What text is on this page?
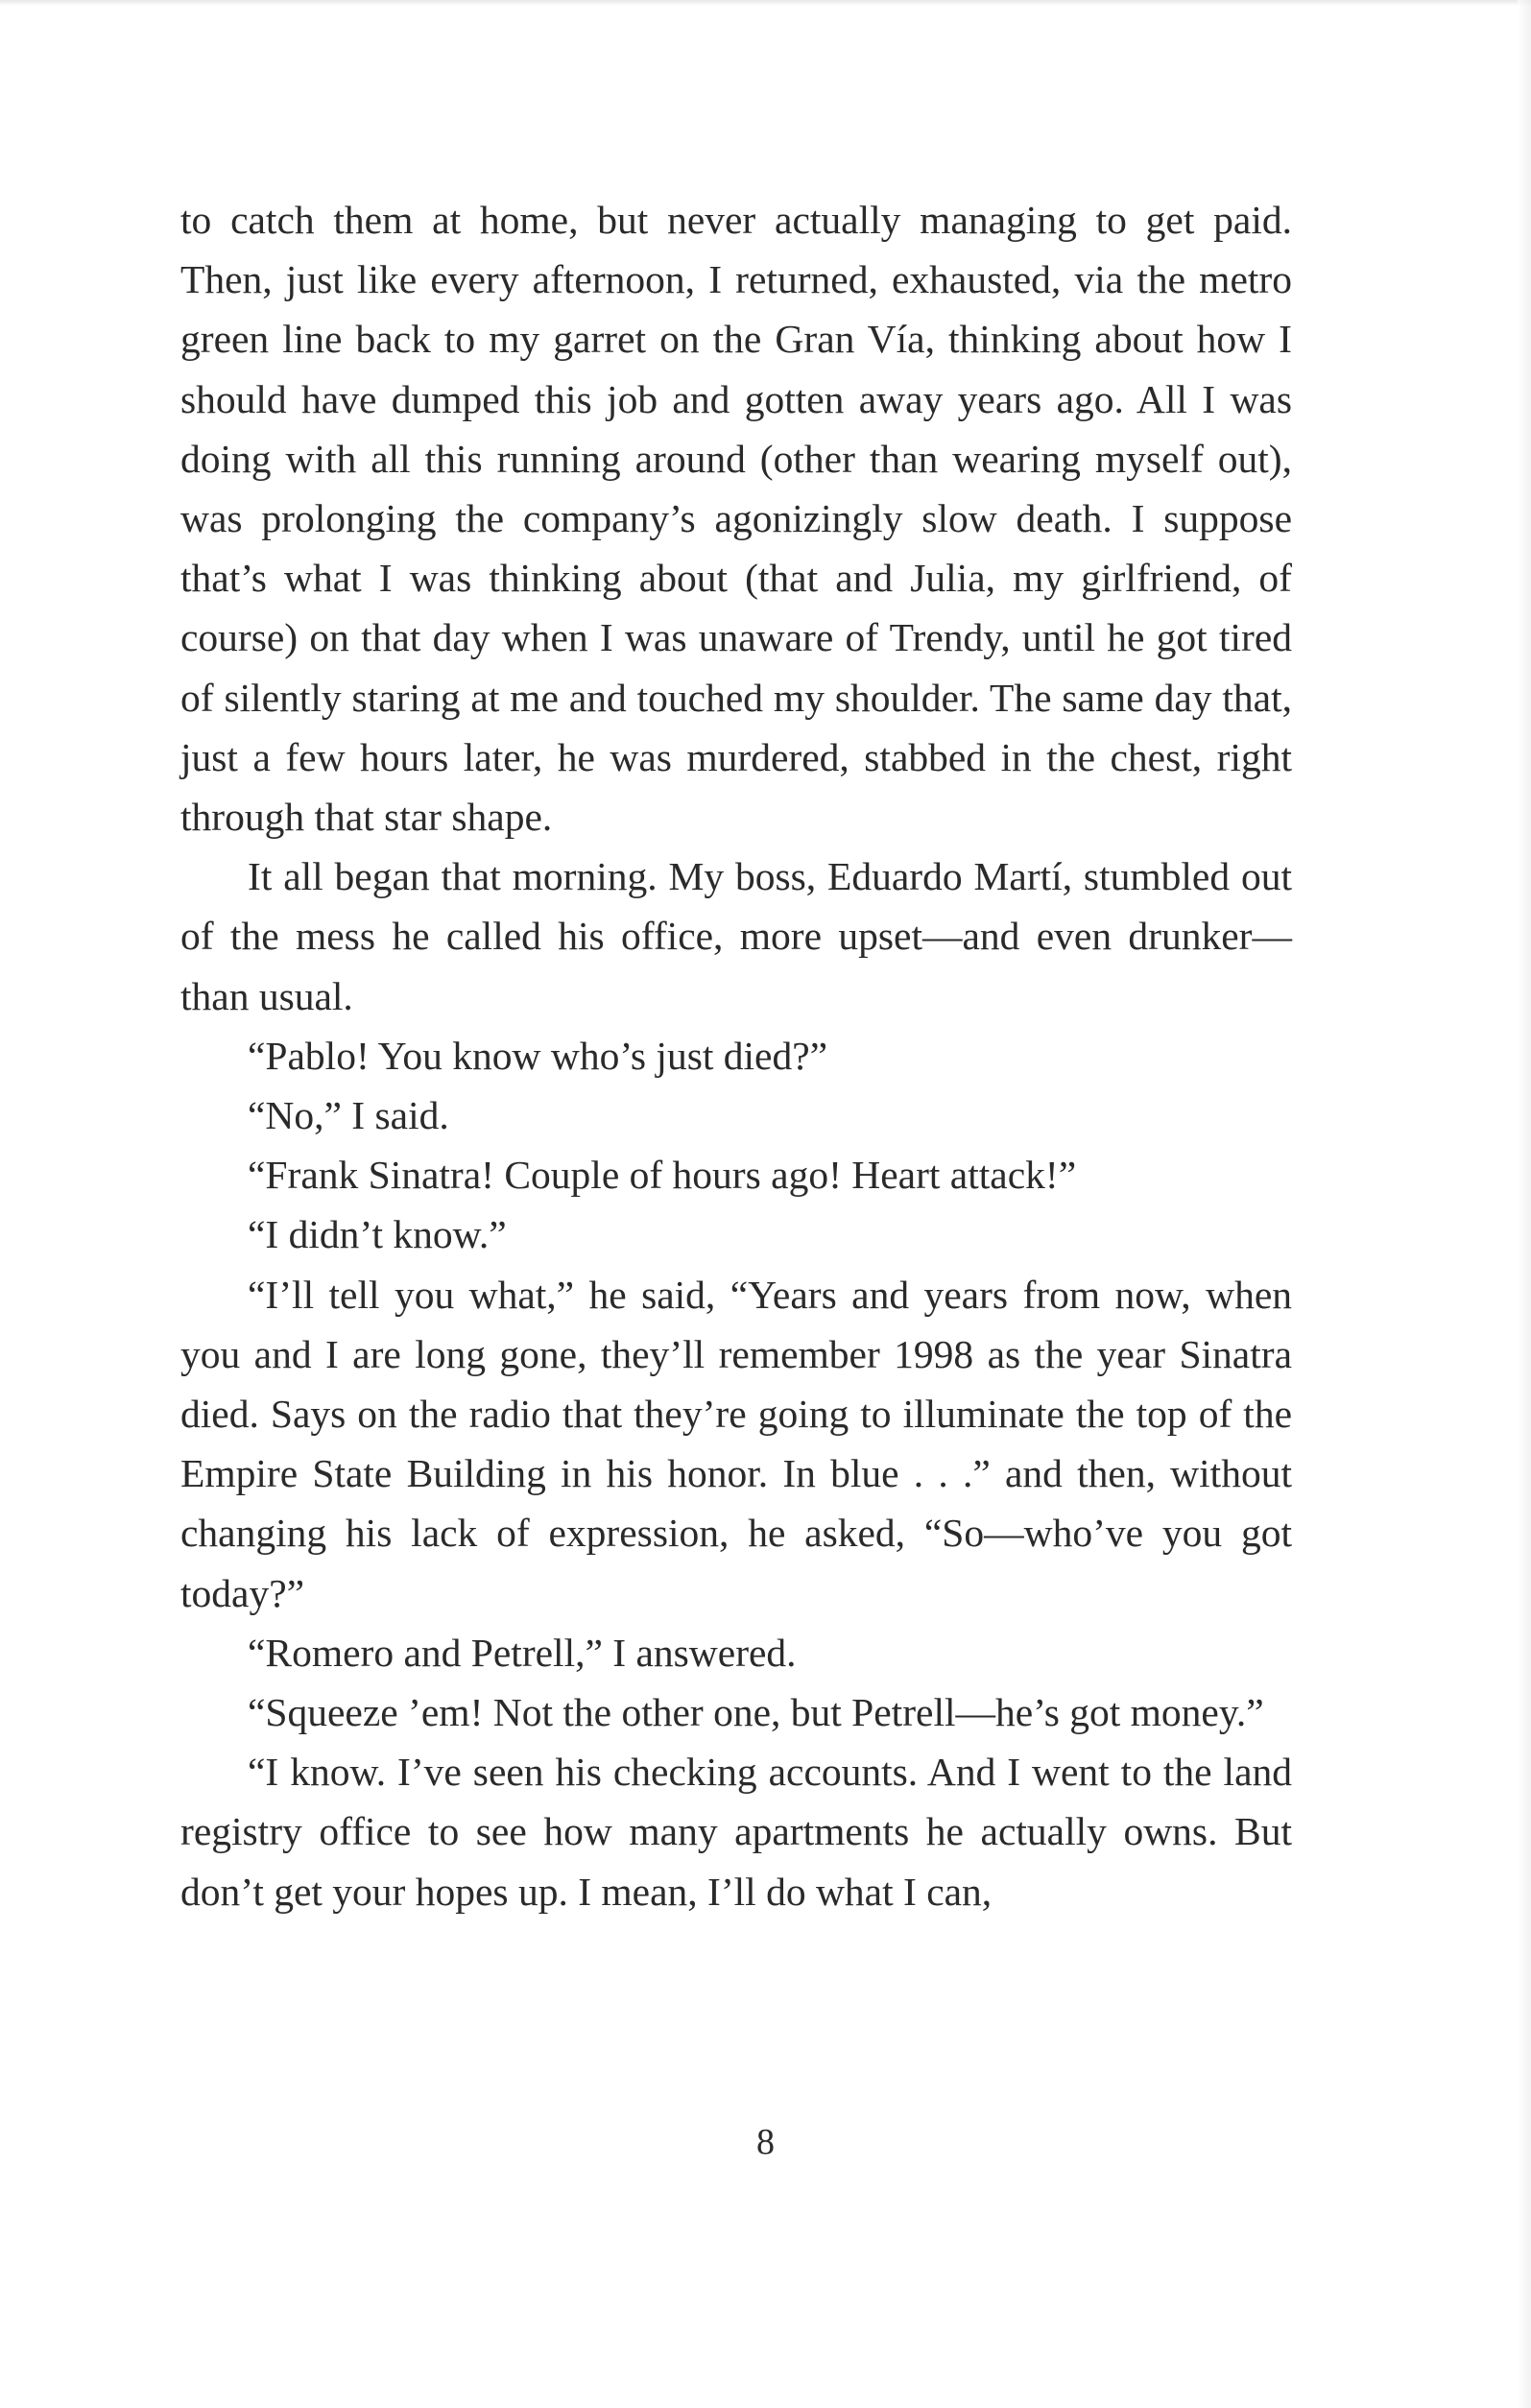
to catch them at home, but never actually managing to get paid. Then, just like every afternoon, I returned, exhausted, via the metro green line back to my garret on the Gran Vía, thinking about how I should have dumped this job and gotten away years ago. All I was doing with all this running around (other than wearing myself out), was prolonging the company’s agonizingly slow death. I suppose that’s what I was thinking about (that and Julia, my girlfriend, of course) on that day when I was unaware of Trendy, until he got tired of silently staring at me and touched my shoulder. The same day that, just a few hours later, he was murdered, stabbed in the chest, right through that star shape.

It all began that morning. My boss, Eduardo Martí, stumbled out of the mess he called his office, more upset—and even drunker—than usual.

“Pablo! You know who’s just died?”

“No,” I said.

“Frank Sinatra! Couple of hours ago! Heart attack!”

“I didn’t know.”

“I’ll tell you what,” he said, “Years and years from now, when you and I are long gone, they’ll remember 1998 as the year Sinatra died. Says on the radio that they’re going to illuminate the top of the Empire State Building in his honor. In blue . . .” and then, without changing his lack of expression, he asked, “So—who’ve you got today?”

“Romero and Petrell,” I answered.

“Squeeze ’em! Not the other one, but Petrell—he’s got money.”

“I know. I’ve seen his checking accounts. And I went to the land registry office to see how many apartments he actually owns. But don’t get your hopes up. I mean, I’ll do what I can,

8
